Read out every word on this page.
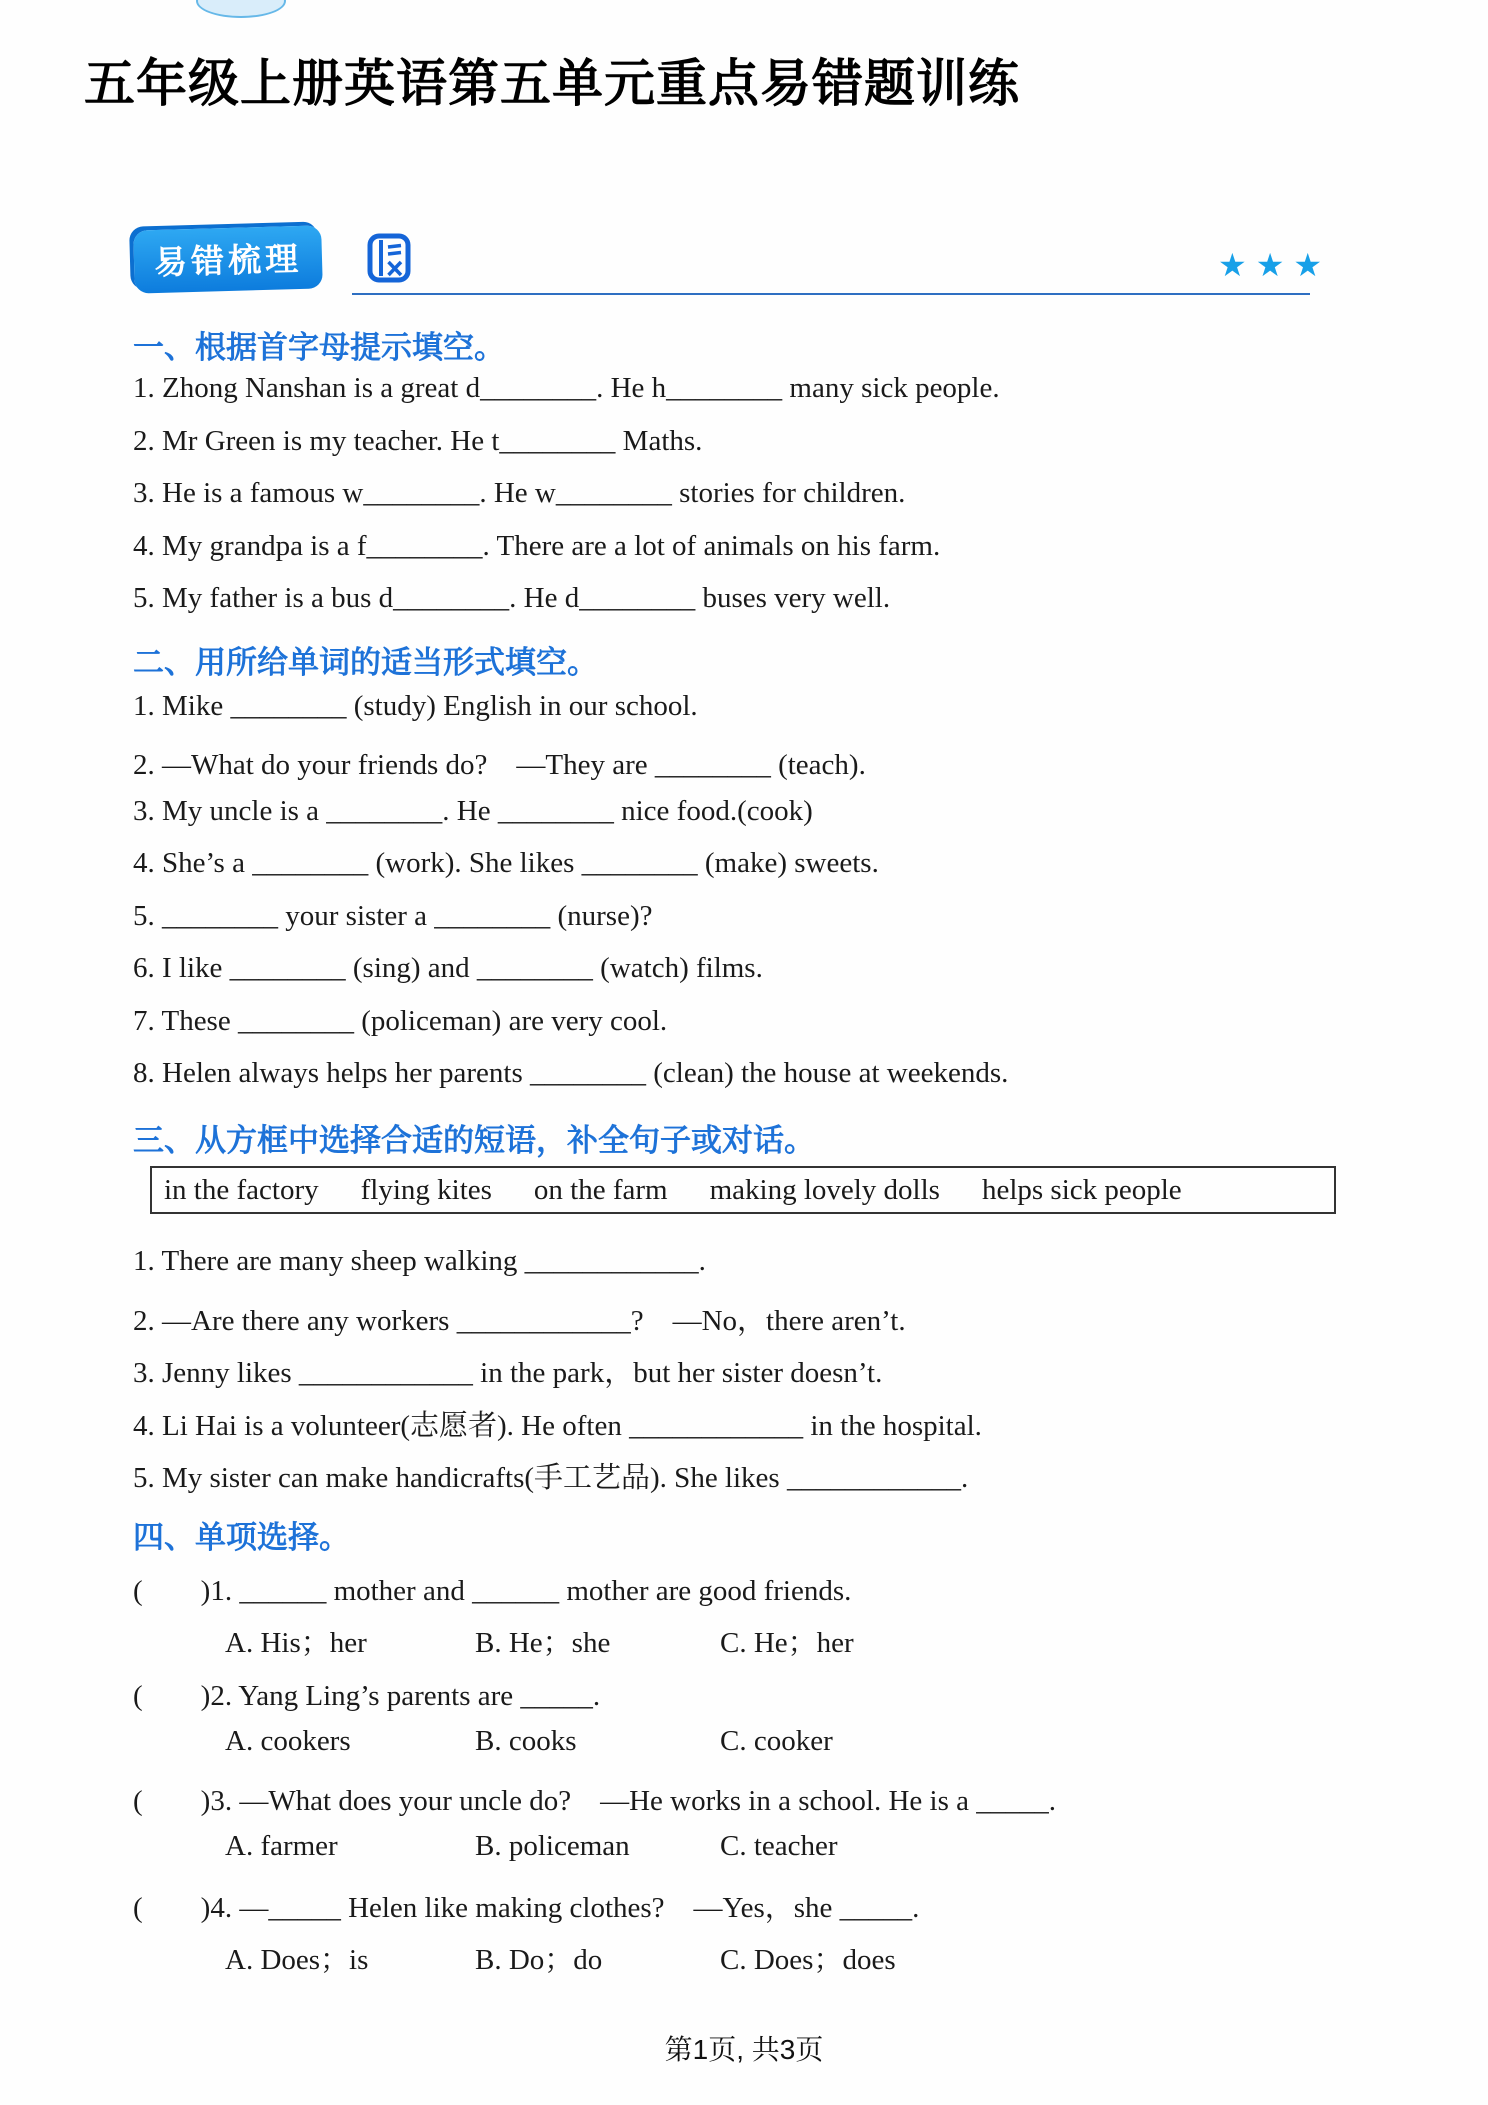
五年级上册英语第五单元重点易错题训练
易错梳理	★★★
一、根据首字母提示填空。
1. Zhong Nanshan is a great d________. He h________ many sick people.
2. Mr Green is my teacher. He t________ Maths.
3. He is a famous w________. He w________ stories for children.
4. My grandpa is a f________. There are a lot of animals on his farm.
5. My father is a bus d________. He d________ buses very well.
二、用所给单词的适当形式填空。
1. Mike ________ (study) English in our school.
2. —What do your friends do?　—They are ________ (teach).
3. My uncle is a ________. He ________ nice food.(cook)
4. She’s a ________ (work). She likes ________ (make) sweets.
5. ________ your sister a ________ (nurse)?
6. I like ________ (sing) and ________ (watch) films.
7. These ________ (policeman) are very cool.
8. Helen always helps her parents ________ (clean) the house at weekends.
三、从方框中选择合适的短语，补全句子或对话。
in the factory flying kites on the farm making lovely dolls helps sick people
1. There are many sheep walking ____________.
2. —Are there any workers ____________?　—No，there aren’t.
3. Jenny likes ____________ in the park，but her sister doesn’t.
4. Li Hai is a volunteer(志愿者). He often ____________ in the hospital.
5. My sister can make handicrafts(手工艺品). She likes ____________.
四、单项选择。
(　　)1. ______ mother and ______ mother are good friends.
A. His；her	B. He；she	C. He；her
(　　)2. Yang Ling’s parents are _____.
A. cookers	B. cooks	C. cooker
(　　)3. —What does your uncle do?　—He works in a school. He is a _____.
A. farmer	B. policeman	C. teacher
(　　)4. —_____ Helen like making clothes?　—Yes，she _____.
A. Does；is	B. Do；do	C. Does；does
第1页, 共3页
